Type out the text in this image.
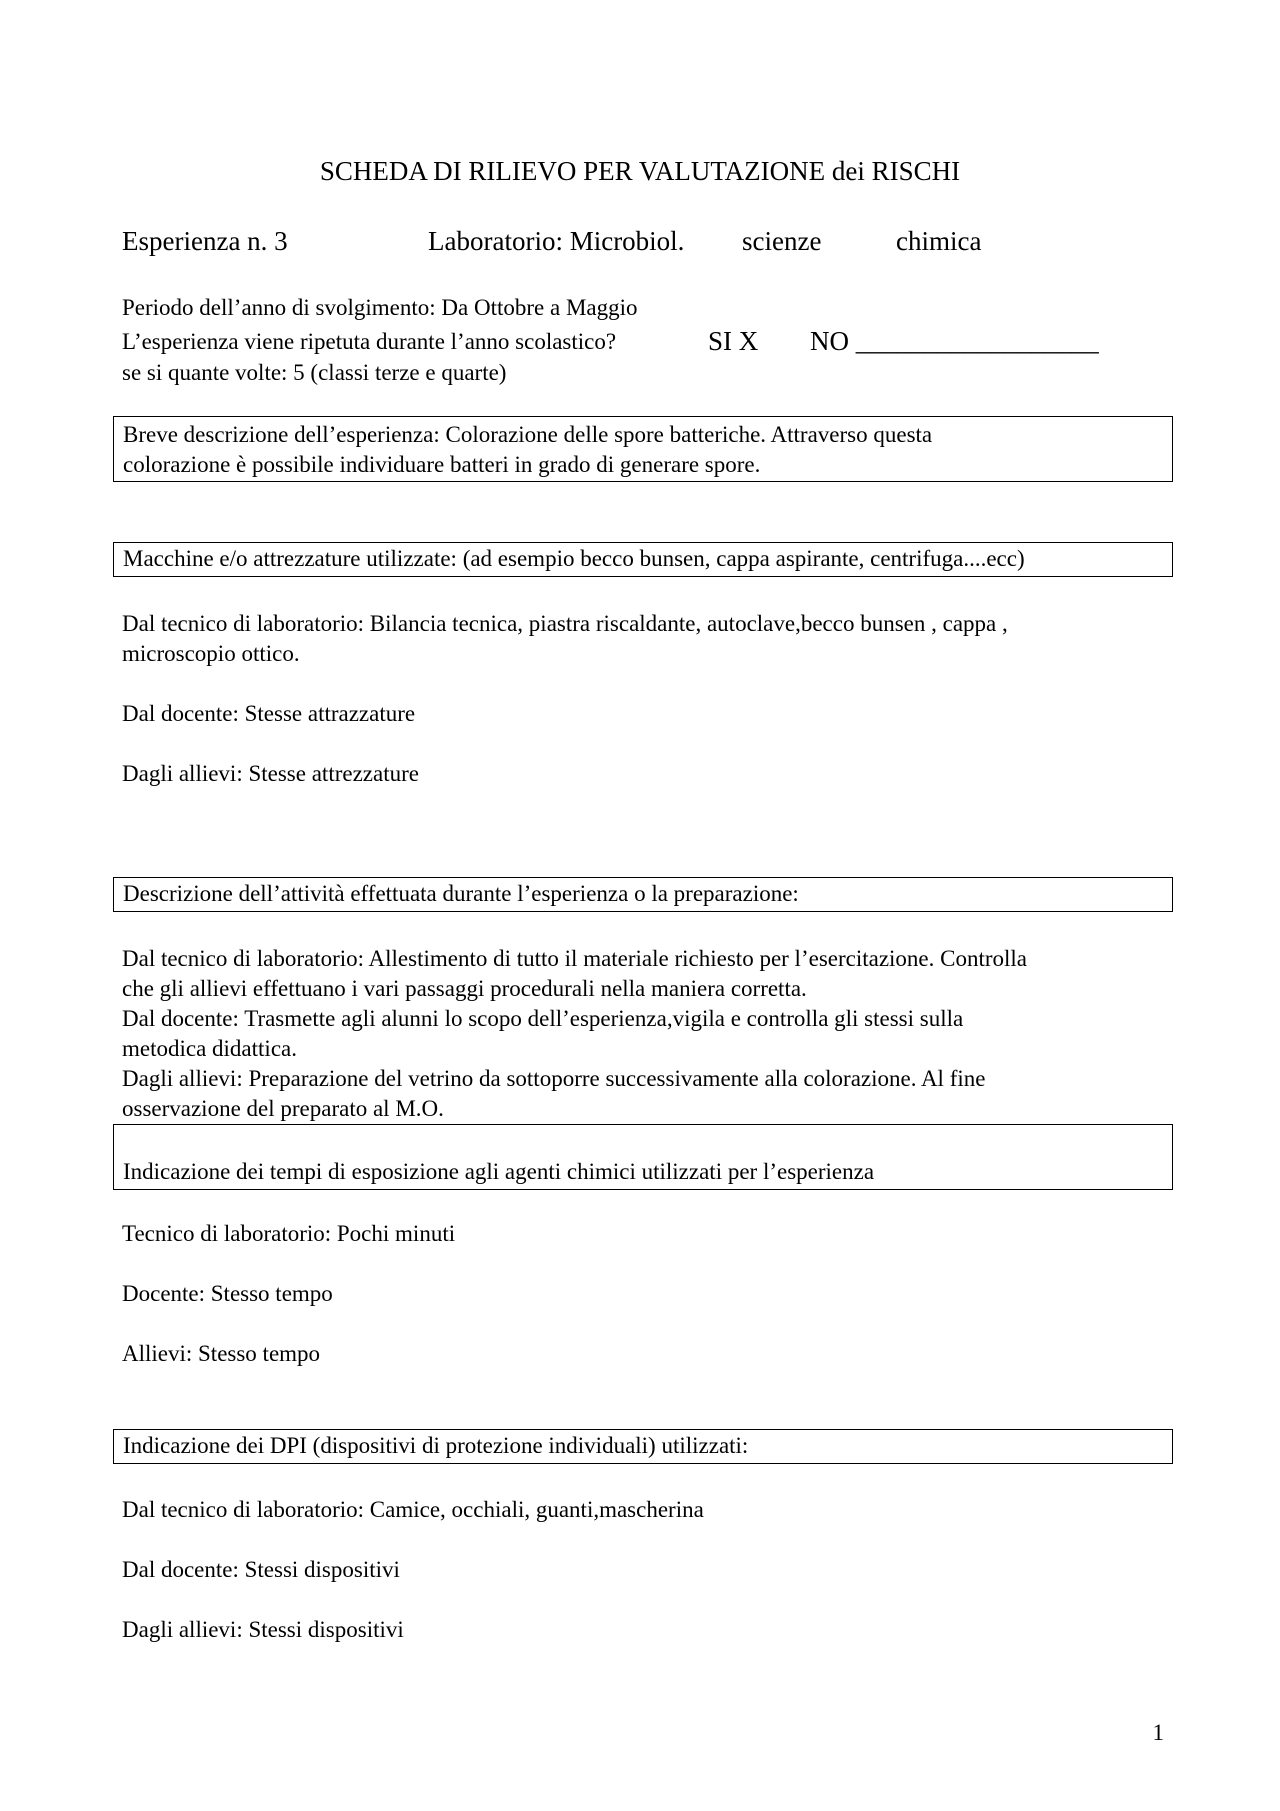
SCHEDA DI RILIEVO PER VALUTAZIONE dei RISCHI
Esperienza n. 3	Laboratorio: Microbiol. scienze	chimica
Periodo dell’anno di svolgimento: Da Ottobre a Maggio
L’esperienza viene ripetuta durante l’anno scolastico?	SI X NO __________________
se si quante volte: 5 (classi terze e quarte)
Breve descrizione dell’esperienza: Colorazione delle spore batteriche. Attraverso questa
colorazione è possibile individuare batteri in grado di generare spore.
Macchine e/o attrezzature utilizzate: (ad esempio becco bunsen, cappa aspirante, centrifuga....ecc)
Dal tecnico di laboratorio: Bilancia tecnica, piastra riscaldante, autoclave,becco bunsen , cappa ,
microscopio ottico.
Dal docente: Stesse attrazzature
Dagli allievi: Stesse attrezzature
Descrizione dell’attività effettuata durante l’esperienza o la preparazione:
Dal tecnico di laboratorio: Allestimento di tutto il materiale richiesto per l’esercitazione. Controlla
che gli allievi effettuano i vari passaggi procedurali nella maniera corretta.
Dal docente: Trasmette agli alunni lo scopo dell’esperienza,vigila e controlla gli stessi sulla
metodica didattica.
Dagli allievi: Preparazione del vetrino da sottoporre successivamente alla colorazione. Al fine
osservazione del preparato al M.O.
Indicazione dei tempi di esposizione agli agenti chimici utilizzati per l’esperienza
Tecnico di laboratorio: Pochi minuti
Docente: Stesso tempo
Allievi: Stesso tempo
Indicazione dei DPI (dispositivi di protezione individuali) utilizzati:
Dal tecnico di laboratorio: Camice, occhiali, guanti,mascherina
Dal docente: Stessi dispositivi
Dagli allievi: Stessi dispositivi
1
